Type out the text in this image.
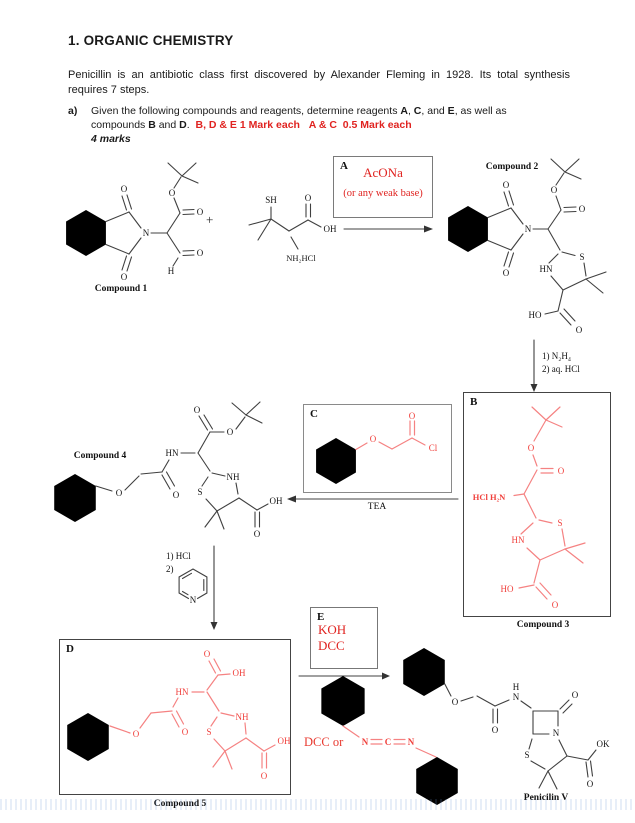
1. ORGANIC CHEMISTRY
Penicillin is an antibiotic class first discovered by Alexander Fleming in 1928. Its total synthesis requires 7 steps.
a) Given the following compounds and reagents, determine reagents A, C, and E, as well as compounds B and D.  B, D & E 1 Mark each   A & C  0.5 Mark each
4 marks
N
O
O
O
O
O
H
SH
NH₂HCl
O
OH	N
O
O
O
O
S
HN
HO
O
O	O
HN
O
O
NH
S
OH
O
N
O
O
H
N
N
O
S
OK
O
O
O
HCl H₂N
S
HN
HO
O
O
O
Cl
O
OH
HN
O
O
NH
S
OH
O
N C N
A	AcONa
(or any weak base)
B
C
D
E
KOH
DCC
Compound 1
Compound 2
Compound 3
Compound 4
Compound 5
Penicilin V
+
1) N₂H₄
2) aq. HCl
TEA
1) HCl
2)
DCC or
